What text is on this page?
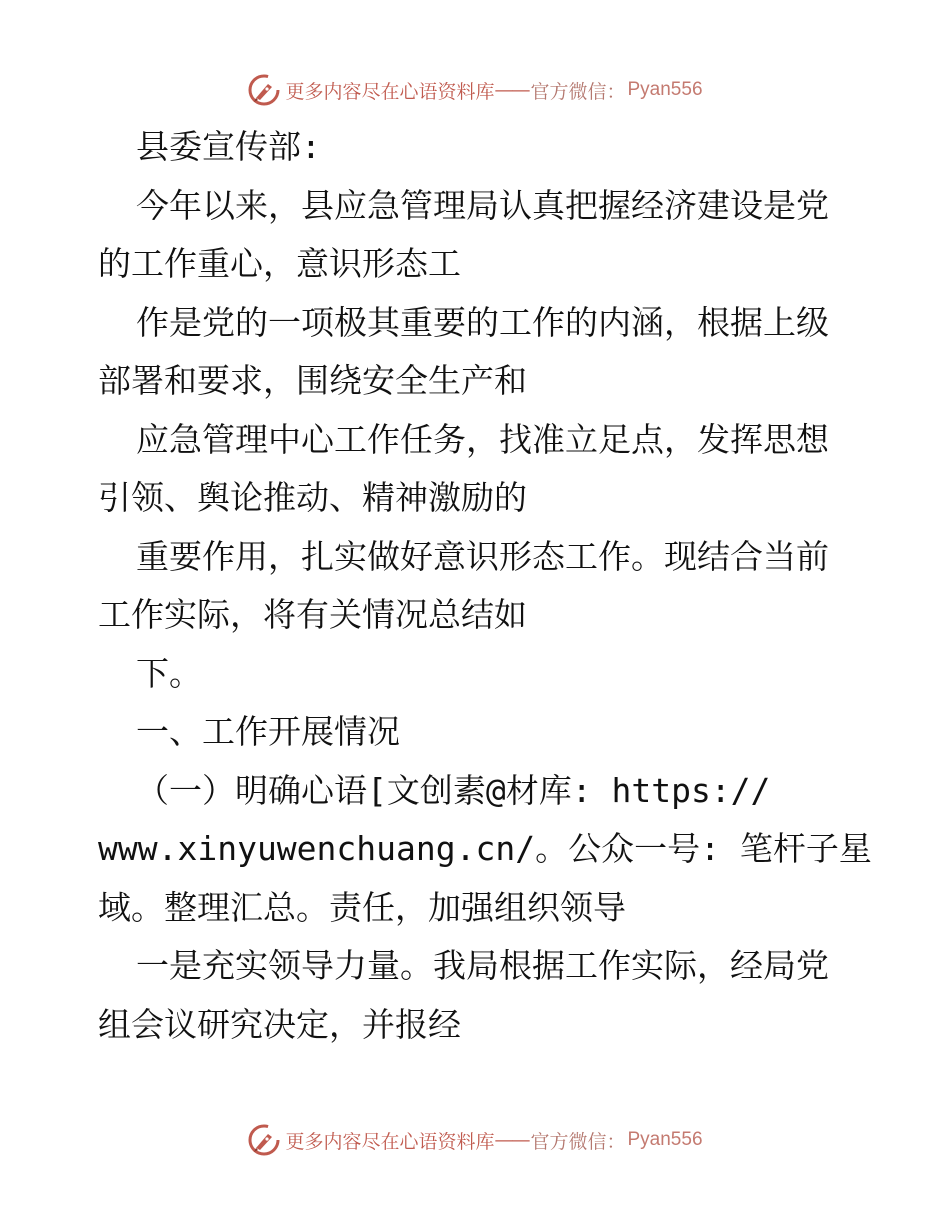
更多内容尽在心语资料库 —— 官方微信： Pyan556
县委宣传部:
今年以来，县应急管理局认真把握经济建设是党
的工作重心，意识形态工
作是党的一项极其重要的工作的内涵，根据上级
部署和要求，围绕安全生产和
应急管理中心工作任务，找准立足点，发挥思想
引领、舆论推动、精神激励的
重要作用，扎实做好意识形态工作。现结合当前
工作实际，将有关情况总结如
下。
一、工作开展情况
（一）明确心语[文创素@材库: https://
www.xinyuwenchuang.cn/。公众一号: 笔杆子星
域。整理汇总。责任，加强组织领导
一是充实领导力量。我局根据工作实际，经局党
组会议研究决定，并报经
更多内容尽在心语资料库 —— 官方微信： Pyan556
